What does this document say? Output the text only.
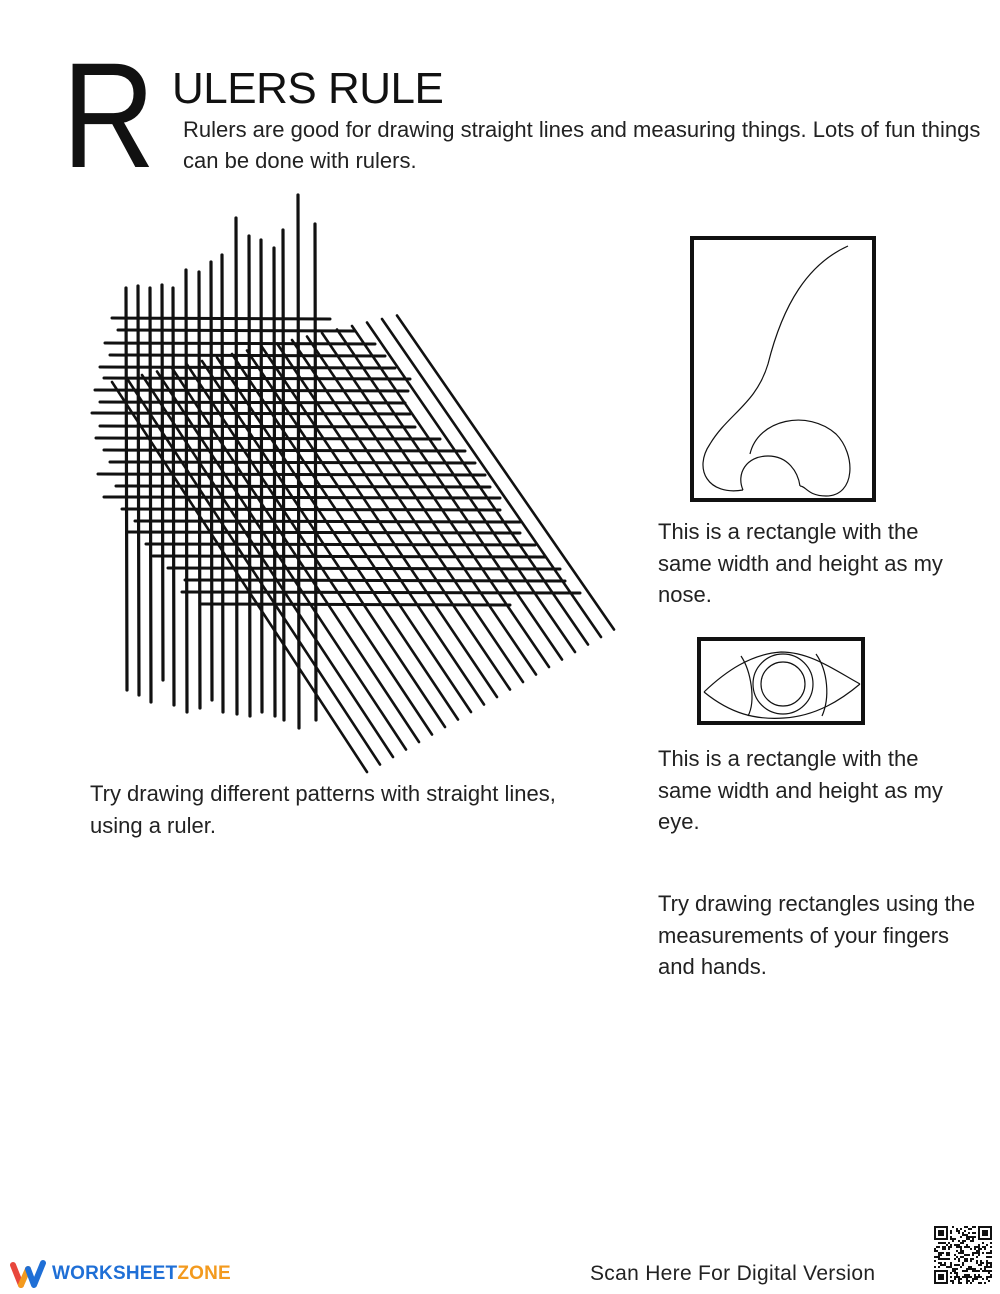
R ULERS RULE
Rulers are good for drawing straight lines and measuring things. Lots of fun things can be done with rulers.
Try drawing different patterns with straight lines, using a ruler.
This is a rectangle with the same width and height as my nose.
This is a rectangle with the same width and height as my eye.
Try drawing rectangles using the measurements of your fingers and hands.
WORKSHEETZONE	Scan Here For Digital Version
